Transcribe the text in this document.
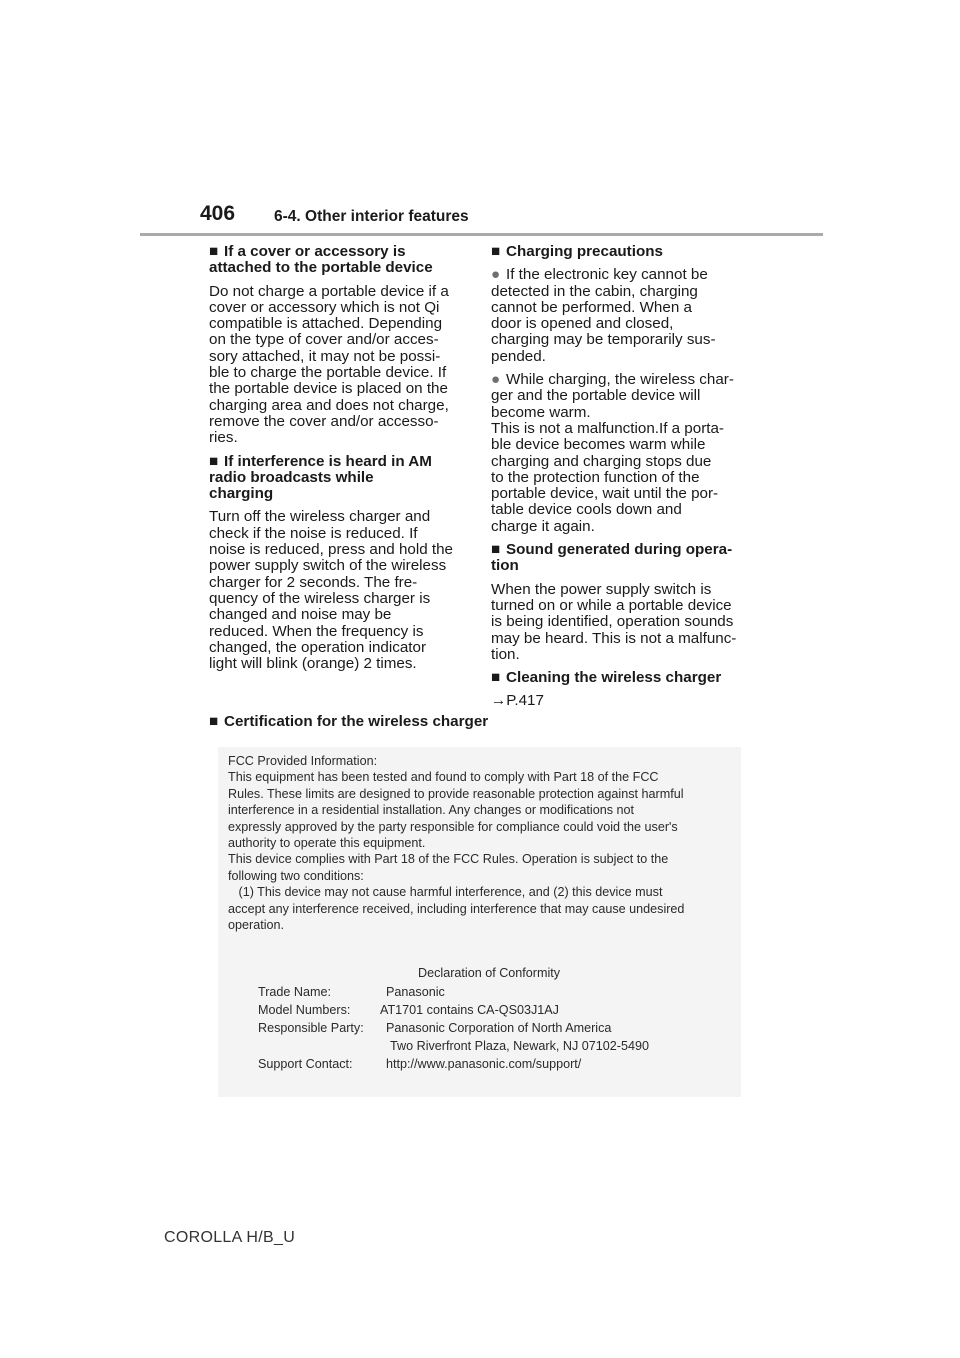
406	6-4. Other interior features
■ If a cover or accessory is
attached to the portable device
Do not charge a portable device if a
cover or accessory which is not Qi
compatible is attached. Depending
on the type of cover and/or acces-
sory attached, it may not be possi-
ble to charge the portable device. If
the portable device is placed on the
charging area and does not charge,
remove the cover and/or accesso-
ries.
■ If interference is heard in AM
radio broadcasts while
charging
Turn off the wireless charger and
check if the noise is reduced. If
noise is reduced, press and hold the
power supply switch of the wireless
charger for 2 seconds. The fre-
quency of the wireless charger is
changed and noise may be
reduced. When the frequency is
changed, the operation indicator
light will blink (orange) 2 times.
■ Charging precautions
● If the electronic key cannot be
detected in the cabin, charging
cannot be performed. When a
door is opened and closed,
charging may be temporarily sus-
pended.
● While charging, the wireless char-
ger and the portable device will
become warm.
This is not a malfunction.If a porta-
ble device becomes warm while
charging and charging stops due
to the protection function of the
portable device, wait until the por-
table device cools down and
charge it again.
■ Sound generated during opera-
tion
When the power supply switch is
turned on or while a portable device
is being identified, operation sounds
may be heard. This is not a malfunc-
tion.
■ Cleaning the wireless charger
→P.417
■ Certification for the wireless charger
FCC Provided Information:
This equipment has been tested and found to comply with Part 18 of the FCC
Rules. These limits are designed to provide reasonable protection against harmful
interference in a residential installation. Any changes or modifications not
expressly approved by the party responsible for compliance could void the user's
authority to operate this equipment.
This device complies with Part 18 of the FCC Rules. Operation is subject to the
following two conditions:
(1) This device may not cause harmful interference, and (2) this device must
accept any interference received, including interference that may cause undesired
operation.
Declaration of Conformity
Trade Name:	Panasonic
Model Numbers: AT1701 contains CA-QS03J1AJ
Responsible Party: Panasonic Corporation of North America
Two Riverfront Plaza, Newark, NJ 07102-5490
Support Contact:	http://www.panasonic.com/support/
COROLLA H/B_U
